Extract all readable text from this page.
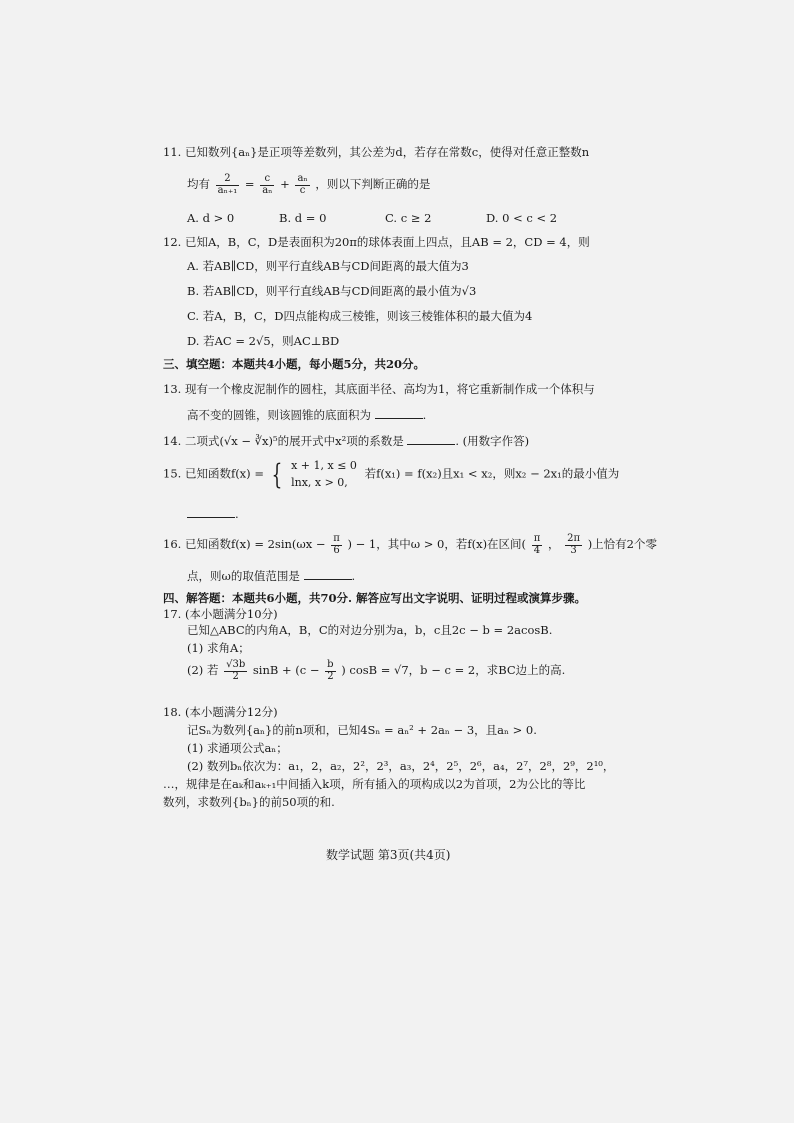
11. 已知数列{aₙ}是正项等差数列，其公差为d，若存在常数c，使得对任意正整数n
均有 $\frac{2}{\text{aₙ₊₁}} = \frac{c}{\text{aₙ}} + \frac{\text{aₙ}}{c}$ ，则以下判断正确的是
A. d > 0	B. d = 0	C. c ≥ 2	D. 0 < c < 2
12. 已知A，B，C，D是表面积为20π的球体表面上四点，且AB = 2，CD = 4，则
A. 若AB∥CD，则平行直线AB与CD间距离的最大值为3
B. 若AB∥CD，则平行直线AB与CD间距离的最小值为√3
C. 若A，B，C，D四点能构成三棱锥，则该三棱锥体积的最大值为4
D. 若AC = 2√5，则AC⊥BD
三、填空题：本题共4小题，每小题5分，共20分。
13. 现有一个橡皮泥制作的圆柱，其底面半径、高均为1，将它重新制作成一个体积与
高不变的圆锥，则该圆锥的底面积为	.
14. 二项式(√x − ∛x)⁵的展开式中x²项的系数是	. (用数字作答)
15. 已知函数f(x) = { x + 1, x ≤ 0
lnx, x > 0,
若f(x₁) = f(x₂)且x₁ < x₂，则x₂ − 2x₁的最小值为
.
16. 已知函数$f(x) = 2\sin(\omega x - \frac{\pi}{6}$ ) − 1，其中ω > 0，若f(x)在区间( $\frac{\pi}{4}$ ， $\frac{2\pi}{3}$ )上恰有2个零
点，则ω的取值范围是	.
四、解答题：本题共6小题，共70分. 解答应写出文字说明、证明过程或演算步骤。
17. (本小题满分10分)
已知△ABC的内角A，B，C的对边分别为a，b，c且2c − b = 2acosB.
(1) 求角A；
(2) 若 $\frac{√3b}{2}$ $\sin B + (c - \frac{b}{2}$ ) cosB = √7，b − c = 2，求BC边上的高.
18. (本小题满分12分)
记Sₙ为数列{aₙ}的前n项和，已知4Sₙ = aₙ² + 2aₙ − 3，且aₙ > 0.
(1) 求通项公式aₙ；
(2) 数列bₙ依次为：a₁，2，a₂，2²，2³，a₃，2⁴，2⁵，2⁶，a₄，2⁷，2⁸，2⁹，2¹⁰，
…，规律是在aₖ和aₖ₊₁中间插入k项，所有插入的项构成以2为首项，2为公比的等比
数列，求数列{bₙ}的前50项的和.
数学试题 第3页(共4页)
